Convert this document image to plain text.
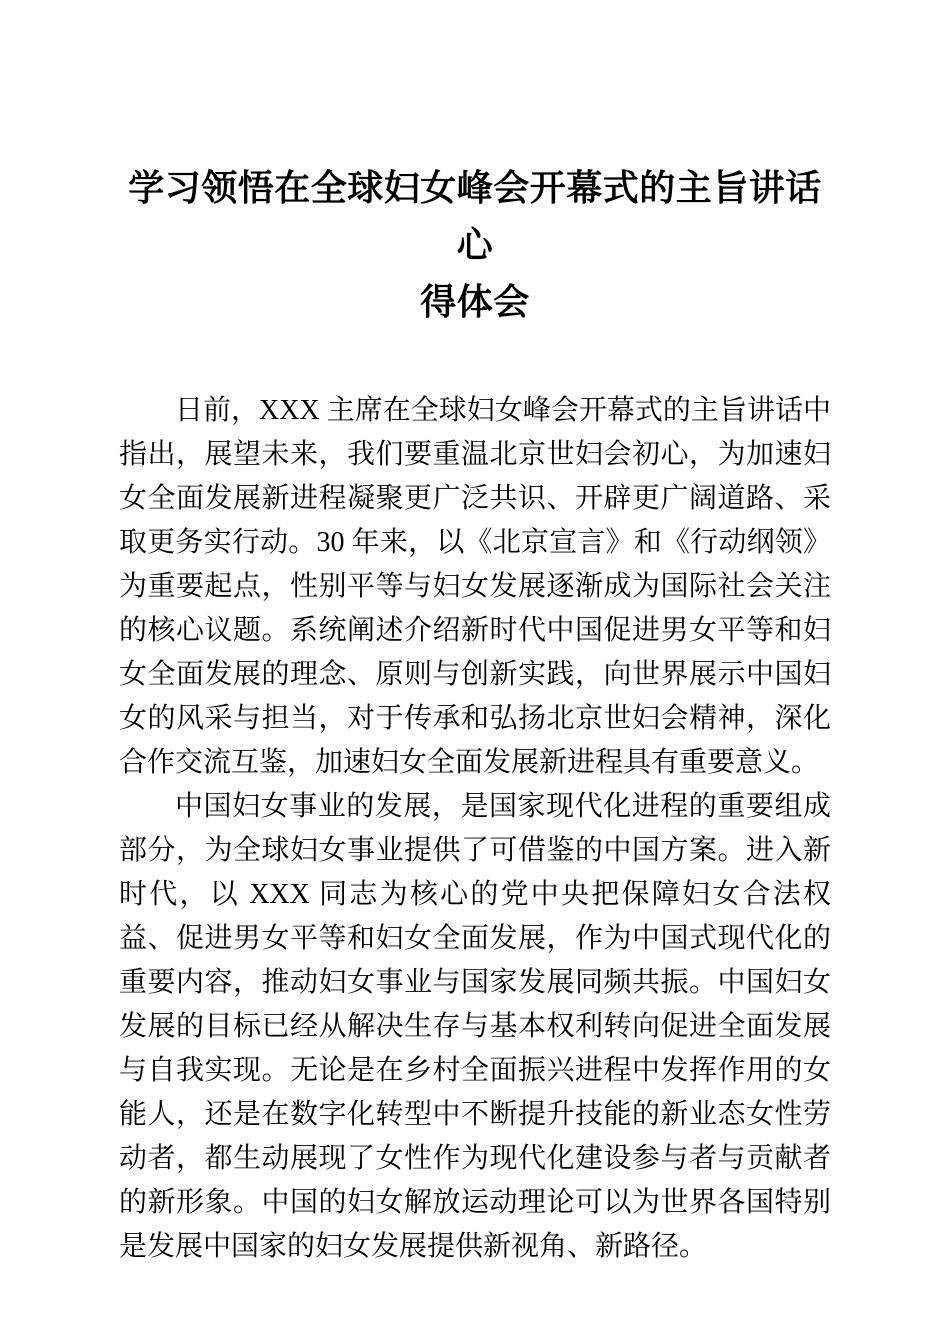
学习领悟在全球妇女峰会开幕式的主旨讲话心
得体会

日前，XXX 主席在全球妇女峰会开幕式的主旨讲话中指出，展望未来，我们要重温北京世妇会初心，为加速妇女全面发展新进程凝聚更广泛共识、开辟更广阔道路、采取更务实行动。30 年来，以《北京宣言》和《行动纲领》为重要起点，性别平等与妇女发展逐渐成为国际社会关注的核心议题。系统阐述介绍新时代中国促进男女平等和妇女全面发展的理念、原则与创新实践，向世界展示中国妇女的风采与担当，对于传承和弘扬北京世妇会精神，深化合作交流互鉴，加速妇女全面发展新进程具有重要意义。

中国妇女事业的发展，是国家现代化进程的重要组成部分，为全球妇女事业提供了可借鉴的中国方案。进入新时代，以 XXX 同志为核心的党中央把保障妇女合法权益、促进男女平等和妇女全面发展，作为中国式现代化的重要内容，推动妇女事业与国家发展同频共振。中国妇女发展的目标已经从解决生存与基本权利转向促进全面发展与自我实现。无论是在乡村全面振兴进程中发挥作用的女能人，还是在数字化转型中不断提升技能的新业态女性劳动者，都生动展现了女性作为现代化建设参与者与贡献者的新形象。中国的妇女解放运动理论可以为世界各国特别是发展中国家的妇女发展提供新视角、新路径。
